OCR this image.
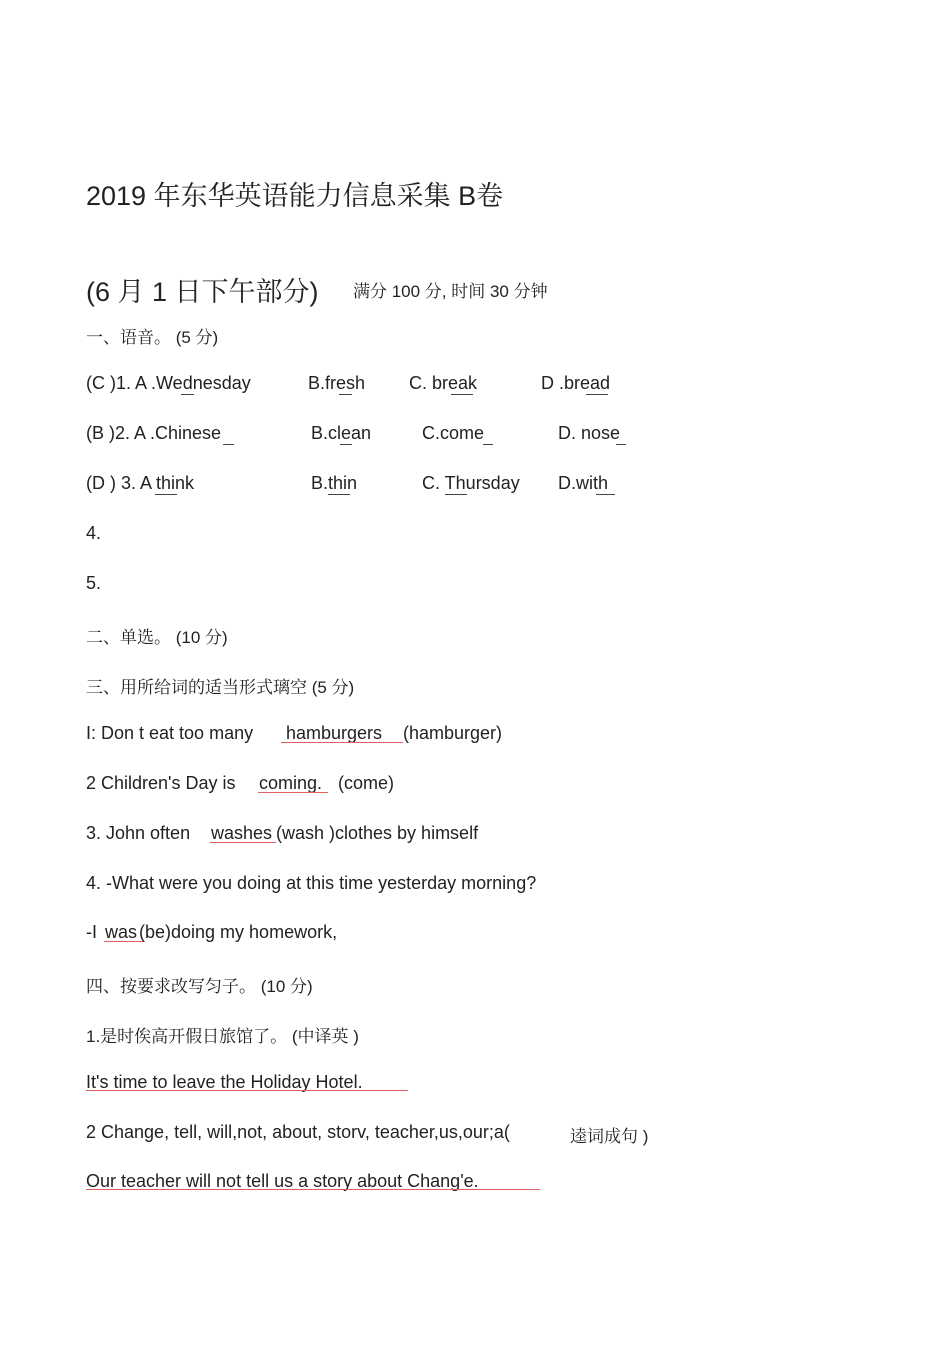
2019 年东华英语能力信息采集 B卷
(6 月 1 日下午部分) 满分 100 分, 时间 30 分钟
一、语音。 (5 分)
(C )1. A .Wednesday	B.fresh C. break	D .bread
(B )2. A .Chinese	B.clean	C.come	D. nose
(D ) 3. A think	B.thin	C. Thursday D.with
4.
5.
二、单选。 (10 分)
三、用所给词的适当形式璃空 (5 分)
I: Don t eat too many hamburgers (hamburger)
2 Children's Day is coming. (come)
3. John often washes (wash )clothes by himself
4. -What were you doing at this time yesterday morning?
-I was (be)doing my homework,
四、按要求改写匀子。 (10 分)
1.是时俟高开假日旅馆了。 (中译英 )
It's time to leave the Holiday Hotel.
2 Change, tell, will,not, about, storv, teacher,us,our;a(	逵词成句 )
Our teacher will not tell us a story about Chang'e.
